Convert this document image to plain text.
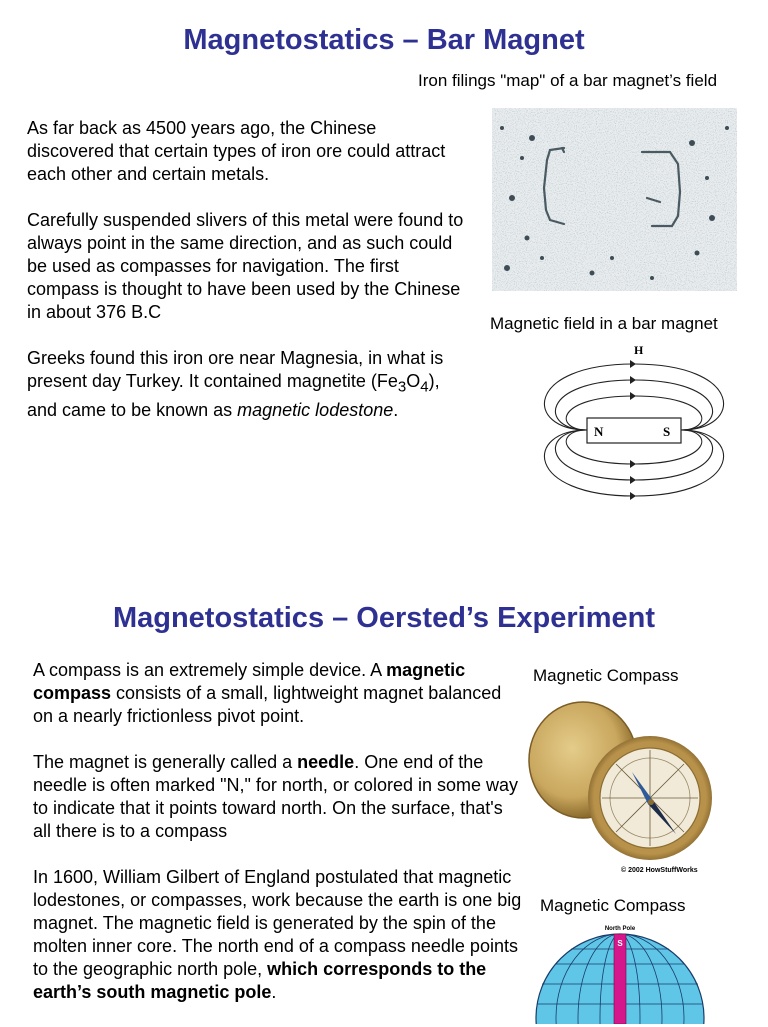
Magnetostatics – Bar Magnet
Iron filings "map" of a bar magnet’s field

As far back as 4500 years ago, the Chinese discovered that certain types of iron ore could attract each other and certain metals.

Carefully suspended slivers of this metal were found to always point in the same direction, and as such could be used as compasses for navigation. The first compass is thought to have been used by the Chinese in about 376 B.C

Greeks found this iron ore near Magnesia, in what is present day Turkey. It contained magnetite $(Fe_3O_4)$, and came to be known as magnetic lodestone.

Magnetic field in a bar magnet
N	S
H
Magnetostatics – Oersted’s Experiment

A compass is an extremely simple device. A magnetic compass consists of a small, lightweight magnet balanced on a nearly frictionless pivot point.

The magnet is generally called a needle. One end of the needle is often marked "N," for north, or colored in some way to indicate that it points toward north. On the surface, that's all there is to a compass

In 1600, William Gilbert of England postulated that magnetic lodestones, or compasses, work because the earth is one big magnet. The magnetic field is generated by the spin of the molten inner core. The north end of a compass needle points to the geographic north pole, which corresponds to the earth’s south magnetic pole.

Magnetic Compass
© 2002 HowStuffWorks
Magnetic Compass
North Pole
S
